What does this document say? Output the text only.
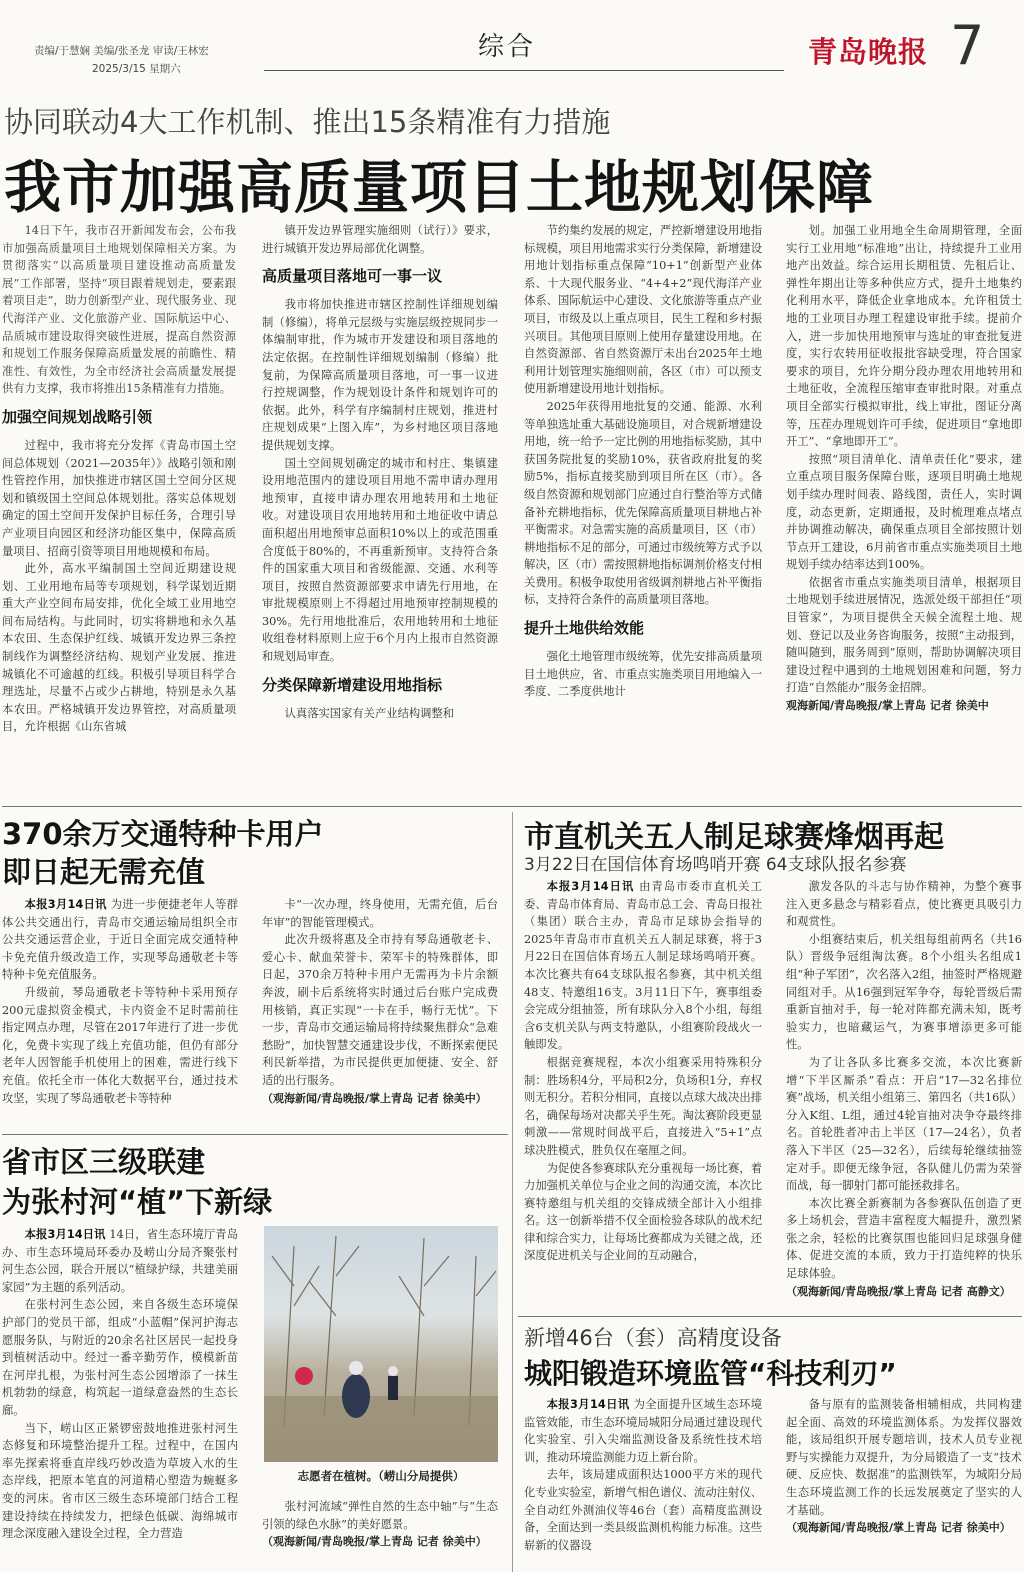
责编/于慧娴 美编/张圣龙 审读/王林宏
2025/3/15 星期六
综合	青岛晚报 7
协同联动4大工作机制、推出15条精准有力措施
我市加强高质量项目土地规划保障

14日下午，我市召开新闻发布会，公布我市加强高质量项目土地规划保障相关方案。为贯彻落实“以高质量项目建设推动高质量发展”工作部署，坚持“项目跟着规划走，要素跟着项目走”，助力创新型产业、现代服务业、现代海洋产业、文化旅游产业、国际航运中心、品质城市建设取得突破性进展，提高自然资源和规划工作服务保障高质量发展的前瞻性、精准性、有效性，为全市经济社会高质量发展提供有力支撑，我市将推出15条精准有力措施。

加强空间规划战略引领

过程中，我市将充分发挥《青岛市国土空间总体规划（2021—2035年）》战略引领和刚性管控作用，加快推进市辖区国土空间分区规划和镇级国土空间总体规划批。落实总体规划确定的国土空间开发保护目标任务，合理引导产业项目向园区和经济功能区集中，保障高质量项目、招商引资等项目用地规模和布局。

此外，高水平编制国土空间近期建设规划、工业用地布局等专项规划，科学谋划近期重大产业空间布局安排，优化全域工业用地空间布局结构。与此同时，切实将耕地和永久基本农田、生态保护红线、城镇开发边界三条控制线作为调整经济结构、规划产业发展、推进城镇化不可逾越的红线。积极引导项目科学合理选址，尽量不占或少占耕地，特别是永久基本农田。严格城镇开发边界管控，对高质量项目，允许根据《山东省城

镇开发边界管理实施细则（试行）》要求，进行城镇开发边界局部优化调整。

高质量项目落地可一事一议

我市将加快推进市辖区控制性详细规划编制（修编），将单元层级与实施层级控规同步一体编制审批，作为城市开发建设和项目落地的法定依据。在控制性详细规划编制（修编）批复前，为保障高质量项目落地，可一事一议进行控规调整，作为规划设计条件和规划许可的依据。此外，科学有序编制村庄规划，推进村庄规划成果“上图入库”，为乡村地区项目落地提供规划支撑。

国土空间规划确定的城市和村庄、集镇建设用地范围内的建设项目用地不需申请办理用地预审，直接申请办理农用地转用和土地征收。对建设项目农用地转用和土地征收中请总面积超出用地预审总面积10%以上的或范围重合度低于80%的，不再重新预审。支持符合条件的国家重大项目和省级能源、交通、水利等项目，按照自然资源部要求申请先行用地，在审批规模原则上不得超过用地预审控制规模的30%。先行用地批准后，农用地转用和土地征收组卷材料原则上应于6个月内上报市自然资源和规划局审查。

分类保障新增建设用地指标

认真落实国家有关产业结构调整和

节约集约发展的规定，严控新增建设用地指标规模，项目用地需求实行分类保障，新增建设用地计划指标重点保障“10+1”创新型产业体系、十大现代服务业、“4+4+2”现代海洋产业体系、国际航运中心建设、文化旅游等重点产业项目，市级及以上重点项目，民生工程和乡村振兴项目。其他项目原则上使用存量建设用地。在自然资源部、省自然资源厅未出台2025年土地利用计划管理实施细则前，各区（市）可以预支使用新增建设用地计划指标。

2025年获得用地批复的交通、能源、水利等单独选址重大基础设施项目，对合规新增建设用地，统一给予一定比例的用地指标奖励，其中获国务院批复的奖励10%，获省政府批复的奖励5%，指标直接奖励到项目所在区（市）。各级自然资源和规划部门应通过自行整治等方式储备补充耕地指标，优先保障高质量项目耕地占补平衡需求。对急需实施的高质量项目，区（市）耕地指标不足的部分，可通过市级统筹方式予以解决，区（市）需按照耕地指标调剂价格支付相关费用。积极争取使用省级调剂耕地占补平衡指标，支持符合条件的高质量项目落地。

提升土地供给效能

强化土地管理市级统筹，优先安排高质量项目土地供应，省、市重点实施类项目用地编入一季度、二季度供地计

划。加强工业用地全生命周期管理，全面实行工业用地“标准地”出让，持续提升工业用地产出效益。综合运用长期租赁、先租后让、弹性年期出让等多种供应方式，提升土地集约化利用水平，降低企业拿地成本。允许租赁土地的工业项目办理工程建设审批手续。提前介入，进一步加快用地预审与选址的审查批复进度，实行农转用征收报批容缺受理，符合国家要求的项目，允许分期分段办理农用地转用和土地征收，全流程压缩审查审批时限。对重点项目全部实行模拟审批，线上审批，图证分离等，压茬办理规划许可手续，促进项目“拿地即开工”、“拿地即开工”。

按照“项目清单化、清单责任化”要求，建立重点项目服务保障台账，逐项目明确土地规划手续办理时间表、路线图，责任人，实时调度，动态更新，定期通报，及时梳理难点堵点并协调推动解决，确保重点项目全部按照计划节点开工建设，6月前省市重点实施类项目土地规划手续办结率达到100%。

依据省市重点实施类项目清单，根据项目土地规划手续进展情况，选派处级干部担任“项目管家”，为项目提供全天候全流程土地、规划、登记以及业务咨询服务，按照“主动报到，随叫随到，服务周到”原则，帮助协调解决项目建设过程中遇到的土地规划困难和问题，努力打造“自然能办”服务金招牌。

观海新闻/青岛晚报/掌上青岛 记者 徐美中

370余万交通特种卡用户
即日起无需充值

本报3月14日讯 为进一步便捷老年人等群体公共交通出行，青岛市交通运输局组织全市公共交通运营企业，于近日全面完成交通特种卡免充值升级改造工作，实现琴岛通敬老卡等特种卡免充值服务。

升级前，琴岛通敬老卡等特种卡采用预存200元虚拟资金模式，卡内资金不足时需前往指定网点办理，尽管在2017年进行了进一步优化，免费卡实现了线上充值功能，但仍有部分老年人因智能手机使用上的困难，需进行线下充值。依托全市一体化大数据平台，通过技术攻坚，实现了琴岛通敬老卡等特种

卡“一次办理，终身使用，无需充值，后台年审”的智能管理模式。

此次升级将惠及全市持有琴岛通敬老卡、爱心卡、献血荣誉卡、荣军卡的特殊群体，即日起，370余万特种卡用户无需再为卡片余额奔波，刷卡后系统将实时通过后台账户完成费用核销，真正实现“一卡在手，畅行无忧”。下一步，青岛市交通运输局将持续聚焦群众“急难愁盼”，加快智慧交通建设步伐，不断探索便民利民新举措，为市民提供更加便捷、安全、舒适的出行服务。

（观海新闻/青岛晚报/掌上青岛 记者 徐美中）

省市区三级联建
为张村河“植”下新绿

本报3月14日讯 14日，省生态环境厅青岛办、市生态环境局环委办及崂山分局齐聚张村河生态公园，联合开展以“植绿护绿，共建美丽家园”为主题的系列活动。

在张村河生态公园，来自各级生态环境保护部门的党员干部，组成“小蓝帽”保河护海志愿服务队，与附近的20余名社区居民一起投身到植树活动中。经过一番辛勤劳作，模模新苗在河岸扎根，为张村河生态公园增添了一抹生机勃勃的绿意，构筑起一道绿意盎然的生态长廊。

当下，崂山区正紧锣密鼓地推进张村河生态修复和环境整治提升工程。过程中，在国内率先探索将垂直岸线巧妙改造为草坡入水的生态岸线，把原本笔直的河道精心塑造为蜿蜒多变的河床。省市区三级生态环境部门结合工程建设持续在持续发力，把绿色低碳、海绵城市理念深度融入建设全过程，全力营造

志愿者在植树。（崂山分局提供）

张村河流域“弹性自然的生态中轴”与“生态引领的绿色水脉”的美好愿景。

（观海新闻/青岛晚报/掌上青岛 记者 徐美中）

市直机关五人制足球赛烽烟再起
3月22日在国信体育场鸣哨开赛 64支球队报名参赛

本报3月14日讯 由青岛市委市直机关工委、青岛市体育局、青岛市总工会、青岛日报社（集团）联合主办，青岛市足球协会指导的2025年青岛市市直机关五人制足球赛，将于3月22日在国信体育场五人制足球场鸣哨开赛。本次比赛共有64支球队报名参赛，其中机关组48支、特邀组16支。3月11日下午，赛事组委会完成分组抽签，所有球队分入8个小组，每组含6支机关队与两支特邀队，小组赛阶段战火一触即发。

根据竞赛规程，本次小组赛采用特殊积分制：胜场积4分，平局积2分，负场积1分，弃权则无积分。若积分相同，直接以点球大战决出排名，确保每场对决都关乎生死。淘汰赛阶段更显刺激——常规时间战平后，直接进入“5+1”点球决胜模式，胜负仅在毫厘之间。

为促使各参赛球队充分重视每一场比赛，着力加强机关单位与企业之间的沟通交流，本次比赛特邀组与机关组的交锋成绩全部计入小组排名。这一创新举措不仅全面检验各球队的战术纪律和综合实力，让每场比赛都成为关键之战，还深度促进机关与企业间的互动融合，

激发各队的斗志与协作精神，为整个赛事注入更多悬念与精彩看点，使比赛更具吸引力和观赏性。

小组赛结束后，机关组每组前两名（共16队）晋级争冠组淘汰赛。8个小组头名组成1组“种子军团”，次名落入2组，抽签时严格规避同组对手。从16强到冠军争夺，每轮晋级后需重新盲抽对手，每一轮对阵都充满未知，既考验实力，也暗藏运气，为赛事增添更多可能性。

为了让各队多比赛多交流，本次比赛新增“下半区厮杀”看点：开启“17—32名排位赛”战场，机关组小组第三、第四名（共16队）分入K组、L组，通过4轮盲抽对决争夺最终排名。首轮胜者冲击上半区（17—24名），负者落入下半区（25—32名），后续每轮继续抽签定对手。即便无缘争冠，各队健儿仍需为荣誉而战，每一脚射门都可能拯救排名。

本次比赛全新赛制为各参赛队伍创造了更多上场机会，营造丰富程度大幅提升，激烈紧张之余，轻松的比赛氛围也能回归足球强身健体、促进交流的本质，致力于打造纯粹的快乐足球体验。

（观海新闻/青岛晚报/掌上青岛 记者 高静文）

新增46台（套）高精度设备
城阳锻造环境监管“科技利刃”

本报3月14日讯 为全面提升区域生态环境监管效能，市生态环境局城阳分局通过建设现代化实验室、引入尖端监测设备及系统性技术培训，推动环境监测能力迈上新台阶。

去年，该局建成面积达1000平方米的现代化专业实验室，新增气相色谱仪、流动注射仪、全自动红外测油仪等46台（套）高精度监测设备，全面达到一类县级监测机构能力标准。这些崭新的仪器设

备与原有的监测装备相辅相成，共同构建起全面、高效的环境监测体系。为发挥仪器效能，该局组织开展专题培训，技术人员专业视野与实操能力双提升，为分局锻造了一支“技术硬、反应快、数据准”的监测铁军，为城阳分局生态环境监测工作的长远发展奠定了坚实的人才基础。

（观海新闻/青岛晚报/掌上青岛 记者 徐美中）
